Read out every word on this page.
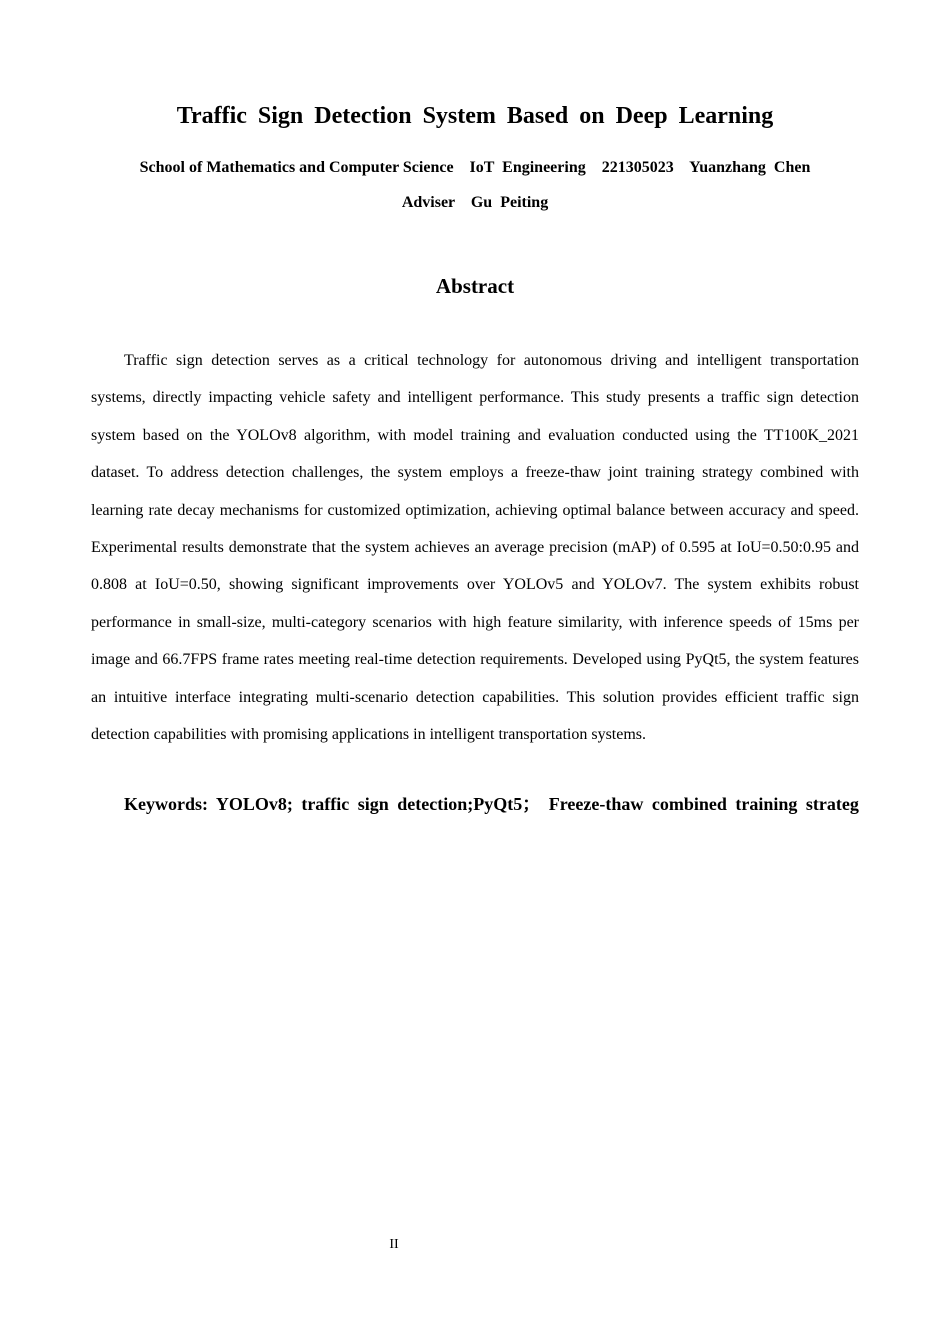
Traffic Sign Detection System Based on Deep Learning
School of Mathematics and Computer Science    IoT  Engineering    221305023    Yuanzhang  Chen
Adviser    Gu  Peiting
Abstract

Traffic sign detection serves as a critical technology for autonomous driving and intelligent transportation systems, directly impacting vehicle safety and intelligent performance. This study presents a traffic sign detection system based on the YOLOv8 algorithm, with model training and evaluation conducted using the TT100K_2021 dataset. To address detection challenges, the system employs a freeze-thaw joint training strategy combined with learning rate decay mechanisms for customized optimization, achieving optimal balance between accuracy and speed. Experimental results demonstrate that the system achieves an average precision (mAP) of 0.595 at IoU=0.50:0.95 and 0.808 at IoU=0.50, showing significant improvements over YOLOv5 and YOLOv7. The system exhibits robust performance in small-size, multi-category scenarios with high feature similarity, with inference speeds of 15ms per image and 66.7FPS frame rates meeting real-time detection requirements. Developed using PyQt5, the system features an intuitive interface integrating multi-scenario detection capabilities. This solution provides efficient traffic sign detection capabilities with promising applications in intelligent transportation systems.

Keywords: YOLOv8; traffic sign detection;PyQt5； Freeze-thaw combined training strateg

II
